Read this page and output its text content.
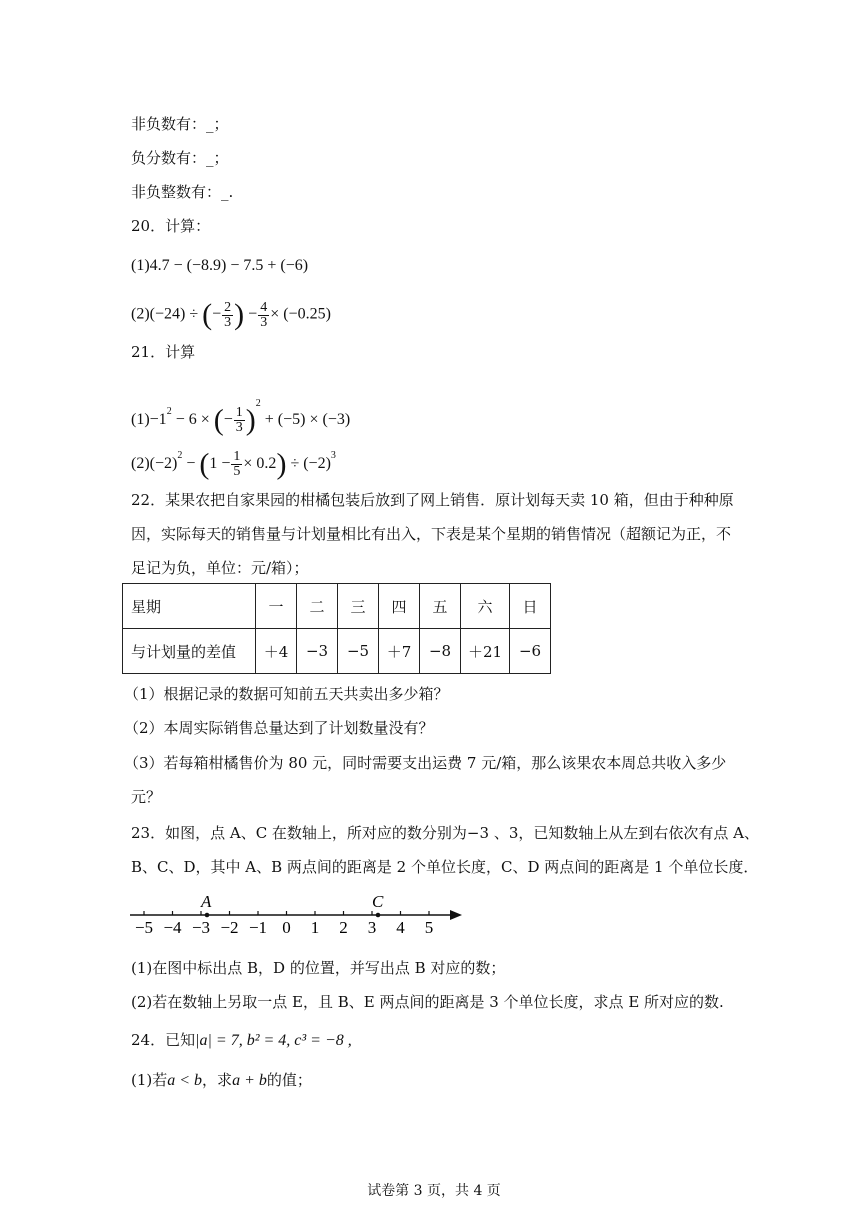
非负数有：_；
负分数有：_；
非负整数有：_.
20．计算：
(1)4.7 − (−8.9) − 7.5 + (−6)
(2)(−24) ÷ (− $\frac{2}{3}$ ) − $\frac{4}{3} \times (-0.25)$
21．计算
$(1)-1^2 - 6$ × (− $\frac{1}{3} )^2 + (-5) \times (-3)$
$(2)(-2)^2 - (1 - \frac{1}{5} \times 0.2) \div (-2)^3$
22．某果农把自家果园的柑橘包装后放到了网上销售．原计划每天卖 10 箱，但由于种种原
因，实际每天的销售量与计划量相比有出入，下表是某个星期的销售情况（超额记为正，不
足记为负，单位：元/箱）；
星期	一	二	三	四	五	六	日
与计划量的差值	＋4	−3	−5	＋7	−8	＋21	−6
（1）根据记录的数据可知前五天共卖出多少箱？
（2）本周实际销售总量达到了计划数量没有？
（3）若每箱柑橘售价为 80 元，同时需要支出运费 7 元/箱，那么该果农本周总共收入多少
元？
23．如图，点 A、C 在数轴上，所对应的数分别为−3 、3，已知数轴上从左到右依次有点 A、
B、C、D，其中 A、B 两点间的距离是 2 个单位长度，C、D 两点间的距离是 1 个单位长度．
−5 −4 −3 −2 −1 0 1 2 3 4 5
A	C
(1)在图中标出点 B，D 的位置，并写出点 B 对应的数；
(2)若在数轴上另取一点 E，且 B、E 两点间的距离是 3 个单位长度，求点 E 所对应的数.
24．已知|a| = 7, b² = 4, c³ = −8 ,
(1)若a < b，求a + b的值；
试卷第 3 页，共 4 页
